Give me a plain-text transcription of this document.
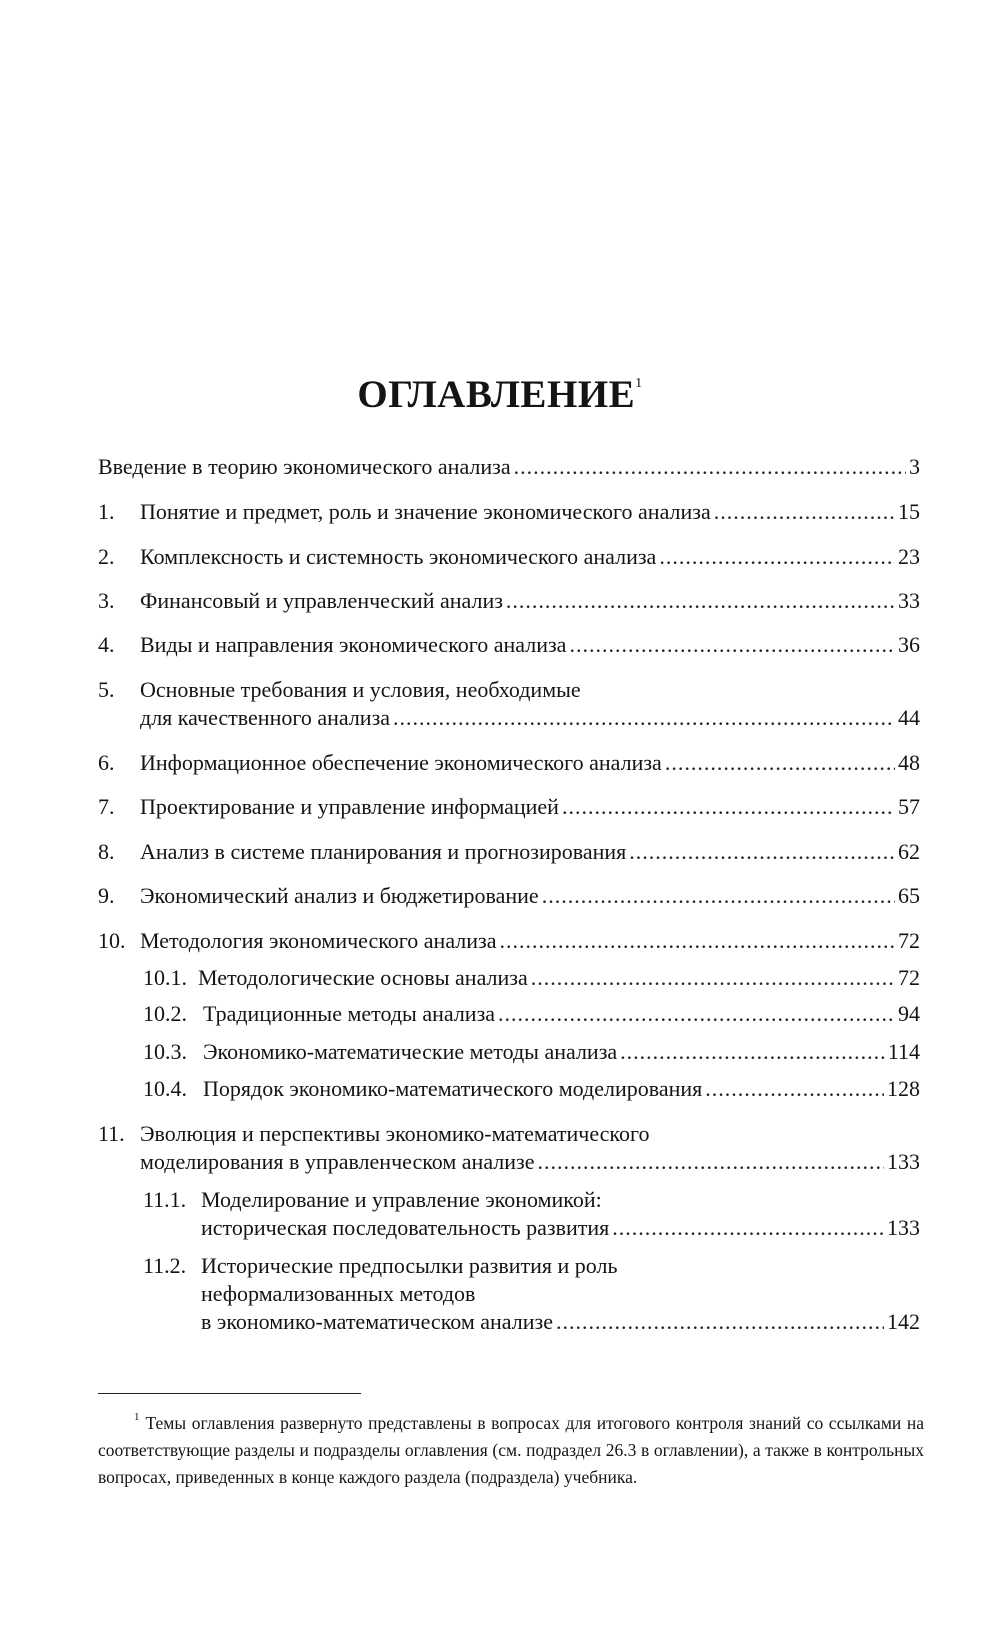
ОГЛАВЛЕНИЕ$^1$
Введение в теорию экономического анализа .....	3
1.	Понятие и предмет, роль и значение экономического анализа .....	15
2.	Комплексность и системность экономического анализа .....	23
3.	Финансовый и управленческий анализ .....	33
4.	Виды и направления экономического анализа .....	36
5.	Основные требования и условия, необходимые
для качественного анализа .....	44
6.	Информационное обеспечение экономического анализа .....	48
7.	Проектирование и управление информацией .....	57
8.	Анализ в системе планирования и прогнозирования .....	62
9.	Экономический анализ и бюджетирование .....	65
10. Методология экономического анализа .....	72
10.1. Методологические основы анализа .....	72
10.2. Традиционные методы анализа .....	94
10.3. Экономико-математические методы анализа .....	114
10.4. Порядок экономико-математического моделирования .....	128
11. Эволюция и перспективы экономико-математического
моделирования в управленческом анализе .....	133
11.1. Моделирование и управление экономикой:
историческая последовательность развития .....	133
11.2. Исторические предпосылки развития и роль
неформализованных методов
в экономико-математическом анализе .....	142
$^1$ Темы оглавления развернуто представлены в вопросах для итогового контроля знаний со ссылками на соответствующие разделы и подразделы оглавления (см. подраздел 26.3 в оглавлении), а также в контрольных вопросах, приведенных в конце каждого раздела (подраздела) учебника.
